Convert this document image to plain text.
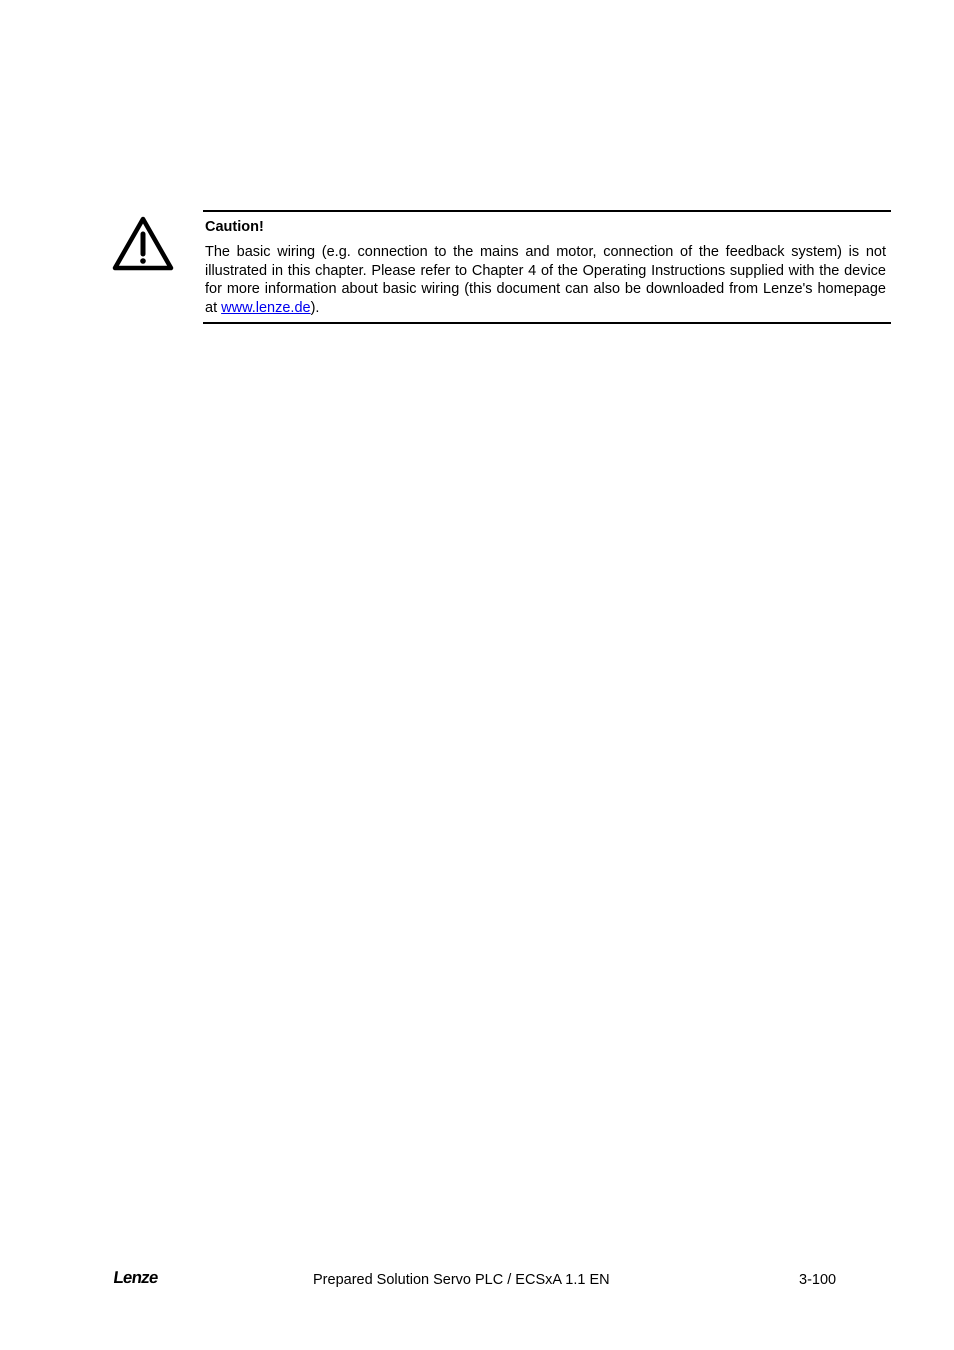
Caution!

The basic wiring (e.g. connection to the mains and motor, connection of the feedback system) is not illustrated in this chapter. Please refer to Chapter 4 of the Operating Instructions supplied with the device for more information about basic wiring (this document can also be downloaded from Lenze's homepage at www.lenze.de).

Lenze	Prepared Solution Servo PLC / ECSxA 1.1 EN	3-100
